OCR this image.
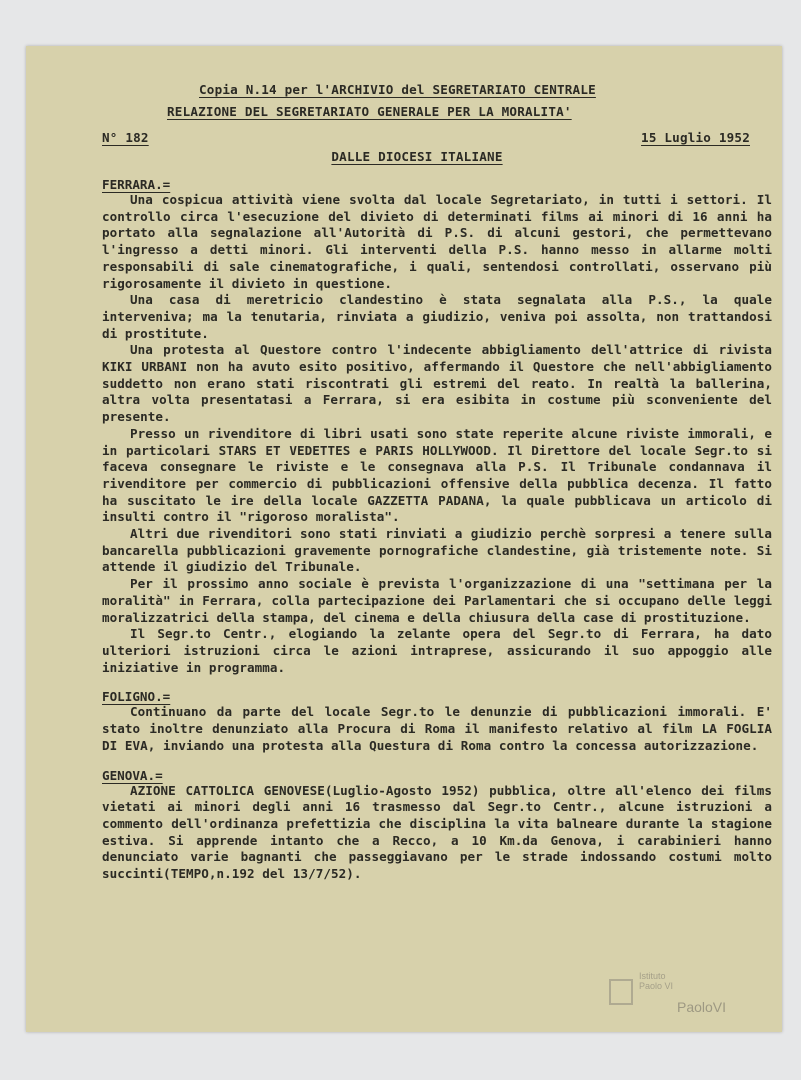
Copia N.14 per l'ARCHIVIO del SEGRETARIATO CENTRALE
RELAZIONE DEL SEGRETARIATO GENERALE PER LA MORALITA'
N° 182	15 Luglio 1952
DALLE DIOCESI ITALIANE
FERRARA.=
Una cospicua attività viene svolta dal locale Segretariato, in tutti i settori. Il controllo circa l'esecuzione del divieto di determinati films ai minori di 16 anni ha portato alla segnalazione all'Autorità di P.S. di alcuni gestori, che permettevano l'ingresso a detti minori. Gli interventi della P.S. hanno messo in allarme molti responsabili di sale cinematografiche, i quali, sentendosi controllati, osservano più rigorosamente il divieto in questione.
Una casa di meretricio clandestino è stata segnalata alla P.S., la quale interveniva; ma la tenutaria, rinviata a giudizio, veniva poi assolta, non trattandosi di prostitute.
Una protesta al Questore contro l'indecente abbigliamento dell'attrice di rivista KIKI URBANI non ha avuto esito positivo, affermando il Questore che nell'abbigliamento suddetto non erano stati riscontrati gli estremi del reato. In realtà la ballerina, altra volta presentatasi a Ferrara, si era esibita in costume più sconveniente del presente.
Presso un rivenditore di libri usati sono state reperite alcune riviste immorali, e in particolari STARS ET VEDETTES e PARIS HOLLYWOOD. Il Direttore del locale Segr.to si faceva consegnare le riviste e le consegnava alla P.S. Il Tribunale condannava il rivenditore per commercio di pubblicazioni offensive della pubblica decenza. Il fatto ha suscitato le ire della locale GAZZETTA PADANA, la quale pubblicava un articolo di insulti contro il "rigoroso moralista".
Altri due rivenditori sono stati rinviati a giudizio perchè sorpresi a tenere sulla bancarella pubblicazioni gravemente pornografiche clandestine, già tristemente note. Si attende il giudizio del Tribunale.
Per il prossimo anno sociale è prevista l'organizzazione di una "settimana per la moralità" in Ferrara, colla partecipazione dei Parlamentari che si occupano delle leggi moralizzatrici della stampa, del cinema e della chiusura della case di prostituzione.
Il Segr.to Centr., elogiando la zelante opera del Segr.to di Ferrara, ha dato ulteriori istruzioni circa le azioni intraprese, assicurando il suo appoggio alle iniziative in programma.
FOLIGNO.=
Continuano da parte del locale Segr.to le denunzie di pubblicazioni immorali. E' stato inoltre denunziato alla Procura di Roma il manifesto relativo al film LA FOGLIA DI EVA, inviando una protesta alla Questura di Roma contro la concessa autorizzazione.
GENOVA.=
AZIONE CATTOLICA GENOVESE(Luglio-Agosto 1952) pubblica, oltre all'elenco dei films vietati ai minori degli anni 16 trasmesso dal Segr.to Centr., alcune istruzioni a commento dell'ordinanza prefettizia che disciplina la vita balneare durante la stagione estiva. Si apprende intanto che a Recco, a 10 Km.da Genova, i carabinieri hanno denunciato varie bagnanti che passeggiavano per le strade indossando costumi molto succinti(TEMPO,n.192 del 13/7/52).
Istituto
Paolo VI
PaoloVI
